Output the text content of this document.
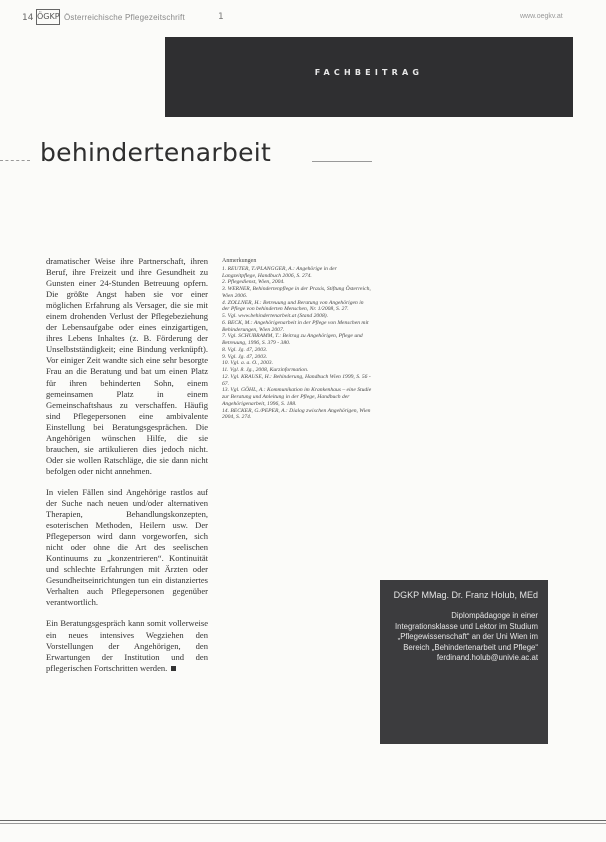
14 ÖGKP Österreichische Pflegezeitschrift	1	www.oegkv.at
FACHBEITRAG
behindertenarbeit

dramatischer Weise ihre Partnerschaft, ihren Beruf, ihre Freizeit und ihre Gesundheit zu Gunsten einer 24-Stunden Betreuung opfern. Die größte Angst haben sie vor einer möglichen Erfahrung als Versager, die sie mit einem drohenden Verlust der Pflegebeziehung der Lebensaufgabe oder eines einzigartigen, ihres Lebens Inhaltes (z. B. Förderung der Unselbstständigkeit; eine Bindung verknüpft). Vor einiger Zeit wandte sich eine sehr besorgte Frau an die Beratung und bat um einen Platz für ihren behinderten Sohn, einem gemeinsamen Platz in einem Gemeinschaftshaus zu verschaffen. Häufig sind Pflegepersonen eine ambivalente Einstellung bei Beratungsgesprächen. Die Angehörigen wünschen Hilfe, die sie brauchen, sie artikulieren dies jedoch nicht. Oder sie wollen Ratschläge, die sie dann nicht befolgen oder nicht annehmen.

In vielen Fällen sind Angehörige rastlos auf der Suche nach neuen und/oder alternativen Therapien, Behandlungskonzepten, esoterischen Methoden, Heilern usw. Der Pflegeperson wird dann vorgeworfen, sich nicht oder ohne die Art des seelischen Kontinuums zu „konzentrieren“. Kontinuität und schlechte Erfahrungen mit Ärzten oder Gesundheitseinrichtungen tun ein distanziertes Verhalten auch Pflegepersonen gegenüber verantwortlich.

Ein Beratungsgespräch kann somit vollerweise ein neues intensives Wegziehen den Vorstellungen der Angehörigen, den Erwartungen der Institution und den pflegerischen Fortschritten werden.

Anmerkungen

1. REUTER, T./PLANGGER, A.: Angehörige in der Langzeitpflege, Handbuch 2006, S. 274.

2. Pflegedienst, Wien, 2004.

3. WERNER, Behindertenpflege in der Praxis, Stiftung Österreich, Wien 2006.

4. ZOLLNER, H.: Betreuung und Beratung von Angehörigen in der Pflege von behinderten Menschen, Nr. 1/2008, S. 27.

5. Vgl. www.behindertenarbeit.at (Stand 2008).

6. BECK, M.: Angehörigenarbeit in der Pflege von Menschen mit Behinderungen, Wien 2007.

7. Vgl. SCHUBRAMM, T.: Beitrag zu Angehörigen, Pflege und Betreuung, 1996, S. 379 - 380.

8. Vgl. Jg. 47, 2003.

9. Vgl. Jg. 47, 2003.

10. Vgl. a. a. O., 2003.

11. Vgl. 8. Jg., 2008, Kurzinformation.

12. Vgl. KRAUSE, H.: Behinderung, Handbuch Wien 1999, S. 56 - 67.

13. Vgl. GÖHL, A.: Kommunikation im Krankenhaus – eine Studie zur Beratung und Anleitung in der Pflege, Handbuch der Angehörigenarbeit, 1996, S. 188.

14. BECKER, G./PEPER, A.: Dialog zwischen Angehörigen, Wien 2004, S. 274.

DGKP MMag. Dr. Franz Holub, MEd
Diplompädagoge in einer Integrationsklasse und Lektor im Studium „Pflegewissenschaft“ an der Uni Wien im Bereich „Behindertenarbeit und Pflege“ ferdinand.holub@univie.ac.at
